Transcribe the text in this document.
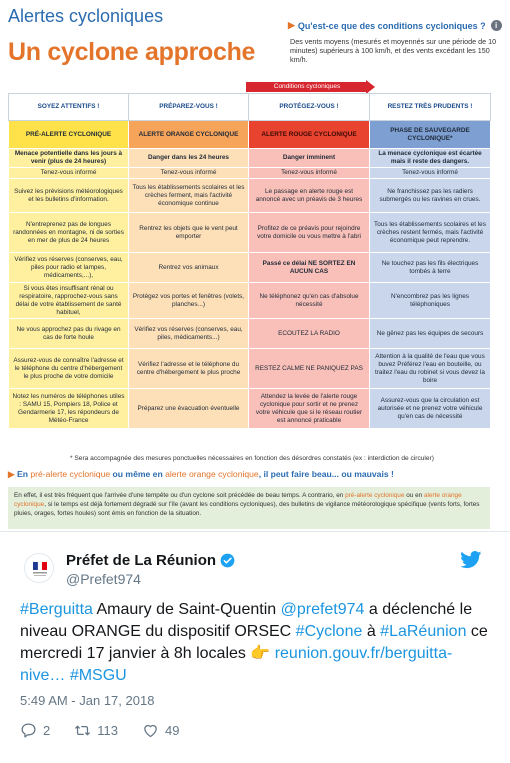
Alertes cycloniques
Un cyclone approche
▶ Qu'est-ce que des conditions cycloniques ?	i
Des vents moyens (mesurés et moyennés sur une période de 10 minutes) supérieurs à 100 km/h, et des vents excédant les 150 km/h.
Conditions cycloniques
SOYEZ ATTENTIFS !	PRÉPAREZ-VOUS !	PROTÉGEZ-VOUS !	RESTEZ TRÈS PRUDENTS !
PRÉ-ALERTE CYCLONIQUE	ALERTE ORANGE CYCLONIQUE	ALERTE ROUGE CYCLONIQUE	PHASE DE SAUVEGARDE CYCLONIQUE*
Menace potentielle dans les jours à venir (plus de 24 heures)	Danger dans les 24 heures	Danger imminent	La menace cyclonique est écartée mais il reste des dangers.
Tenez-vous informé	Tenez-vous informé	Tenez-vous informé	Tenez-vous informé
Suivez les prévisions météorologiques et les bulletins d'information.	Tous les établissements scolaires et les crèches ferment, mais l'activité économique continue	Le passage en alerte rouge est annoncé avec un préavis de 3 heures	Ne franchissez pas les radiers submergés ou les ravines en crues.
N'entreprenez pas de longues randonnées en montagne, ni de sorties en mer de plus de 24 heures	Rentrez les objets que le vent peut emporter	Profitez de ce préavis pour rejoindre votre domicile ou vous mettre à l'abri	Tous les établissements scolaires et les crèches restent fermés, mais l'activité économique peut reprendre.
Vérifiez vos réserves (conserves, eau, piles pour radio et lampes, médicaments,...),	Rentrez vos animaux	Passé ce délai NE SORTEZ EN AUCUN CAS	Ne touchez pas les fils électriques tombés à terre
Si vous êtes insuffisant rénal ou respiratoire, rapprochez-vous sans délai de votre établissement de santé habituel,	Protégez vos portes et fenêtres (volets, planches...)	Ne téléphonez qu'en cas d'absolue nécessité	N'encombrez pas les lignes téléphoniques
Ne vous approchez pas du rivage en cas de forte houle	Vérifiez vos réserves (conserves, eau, piles, médicaments...)	ECOUTEZ LA RADIO	Ne gênez pas les équipes de secours
Assurez-vous de connaître l'adresse et le téléphone du centre d'hébergement le plus proche de votre domicile	Vérifiez l'adresse et le téléphone du centre d'hébergement le plus proche	RESTEZ CALME NE PANIQUEZ PAS	Attention à la qualité de l'eau que vous buvez Préférez l'eau en bouteille, ou traitez l'eau du robinet si vous devez la boire
Notez les numéros de téléphones utiles : SAMU 15, Pompiers 18, Police et Gendarmerie 17, les répondeurs de Météo-France	Préparez une évacuation éventuelle	Attendez la levée de l'alerte rouge cyclonique pour sortir et ne prenez votre véhicule que si le réseau routier est annoncé praticable	Assurez-vous que la circulation est autorisée et ne prenez votre véhicule qu'en cas de nécessité
* Sera accompagnée des mesures ponctuelles nécessaires en fonction des désordres constatés (ex : interdiction de circuler)
▶ En pré-alerte cyclonique ou même en alerte orange cyclonique, il peut faire beau... ou mauvais !
En effet, il est très fréquent que l'arrivée d'une tempête ou d'un cyclone soit précédée de beau temps. A contrario, en pré-alerte cyclonique ou en alerte orange cyclonique, si le temps est déjà fortement dégradé sur l'île (avant les conditions cycloniques), des bulletins de vigilance météorologique spécifique (vents forts, fortes pluies, orages, fortes houles) sont émis en fonction de la situation.
Préfet de La Réunion
@Prefet974
#Berguitta Amaury de Saint-Quentin @prefet974 a déclenché le niveau ORANGE du dispositif ORSEC #Cyclone à #LaRéunion ce mercredi 17 janvier à 8h locales 👉 reunion.gouv.fr/berguitta-nive… #MSGU
5:49 AM - Jan 17, 2018
2	113	49
